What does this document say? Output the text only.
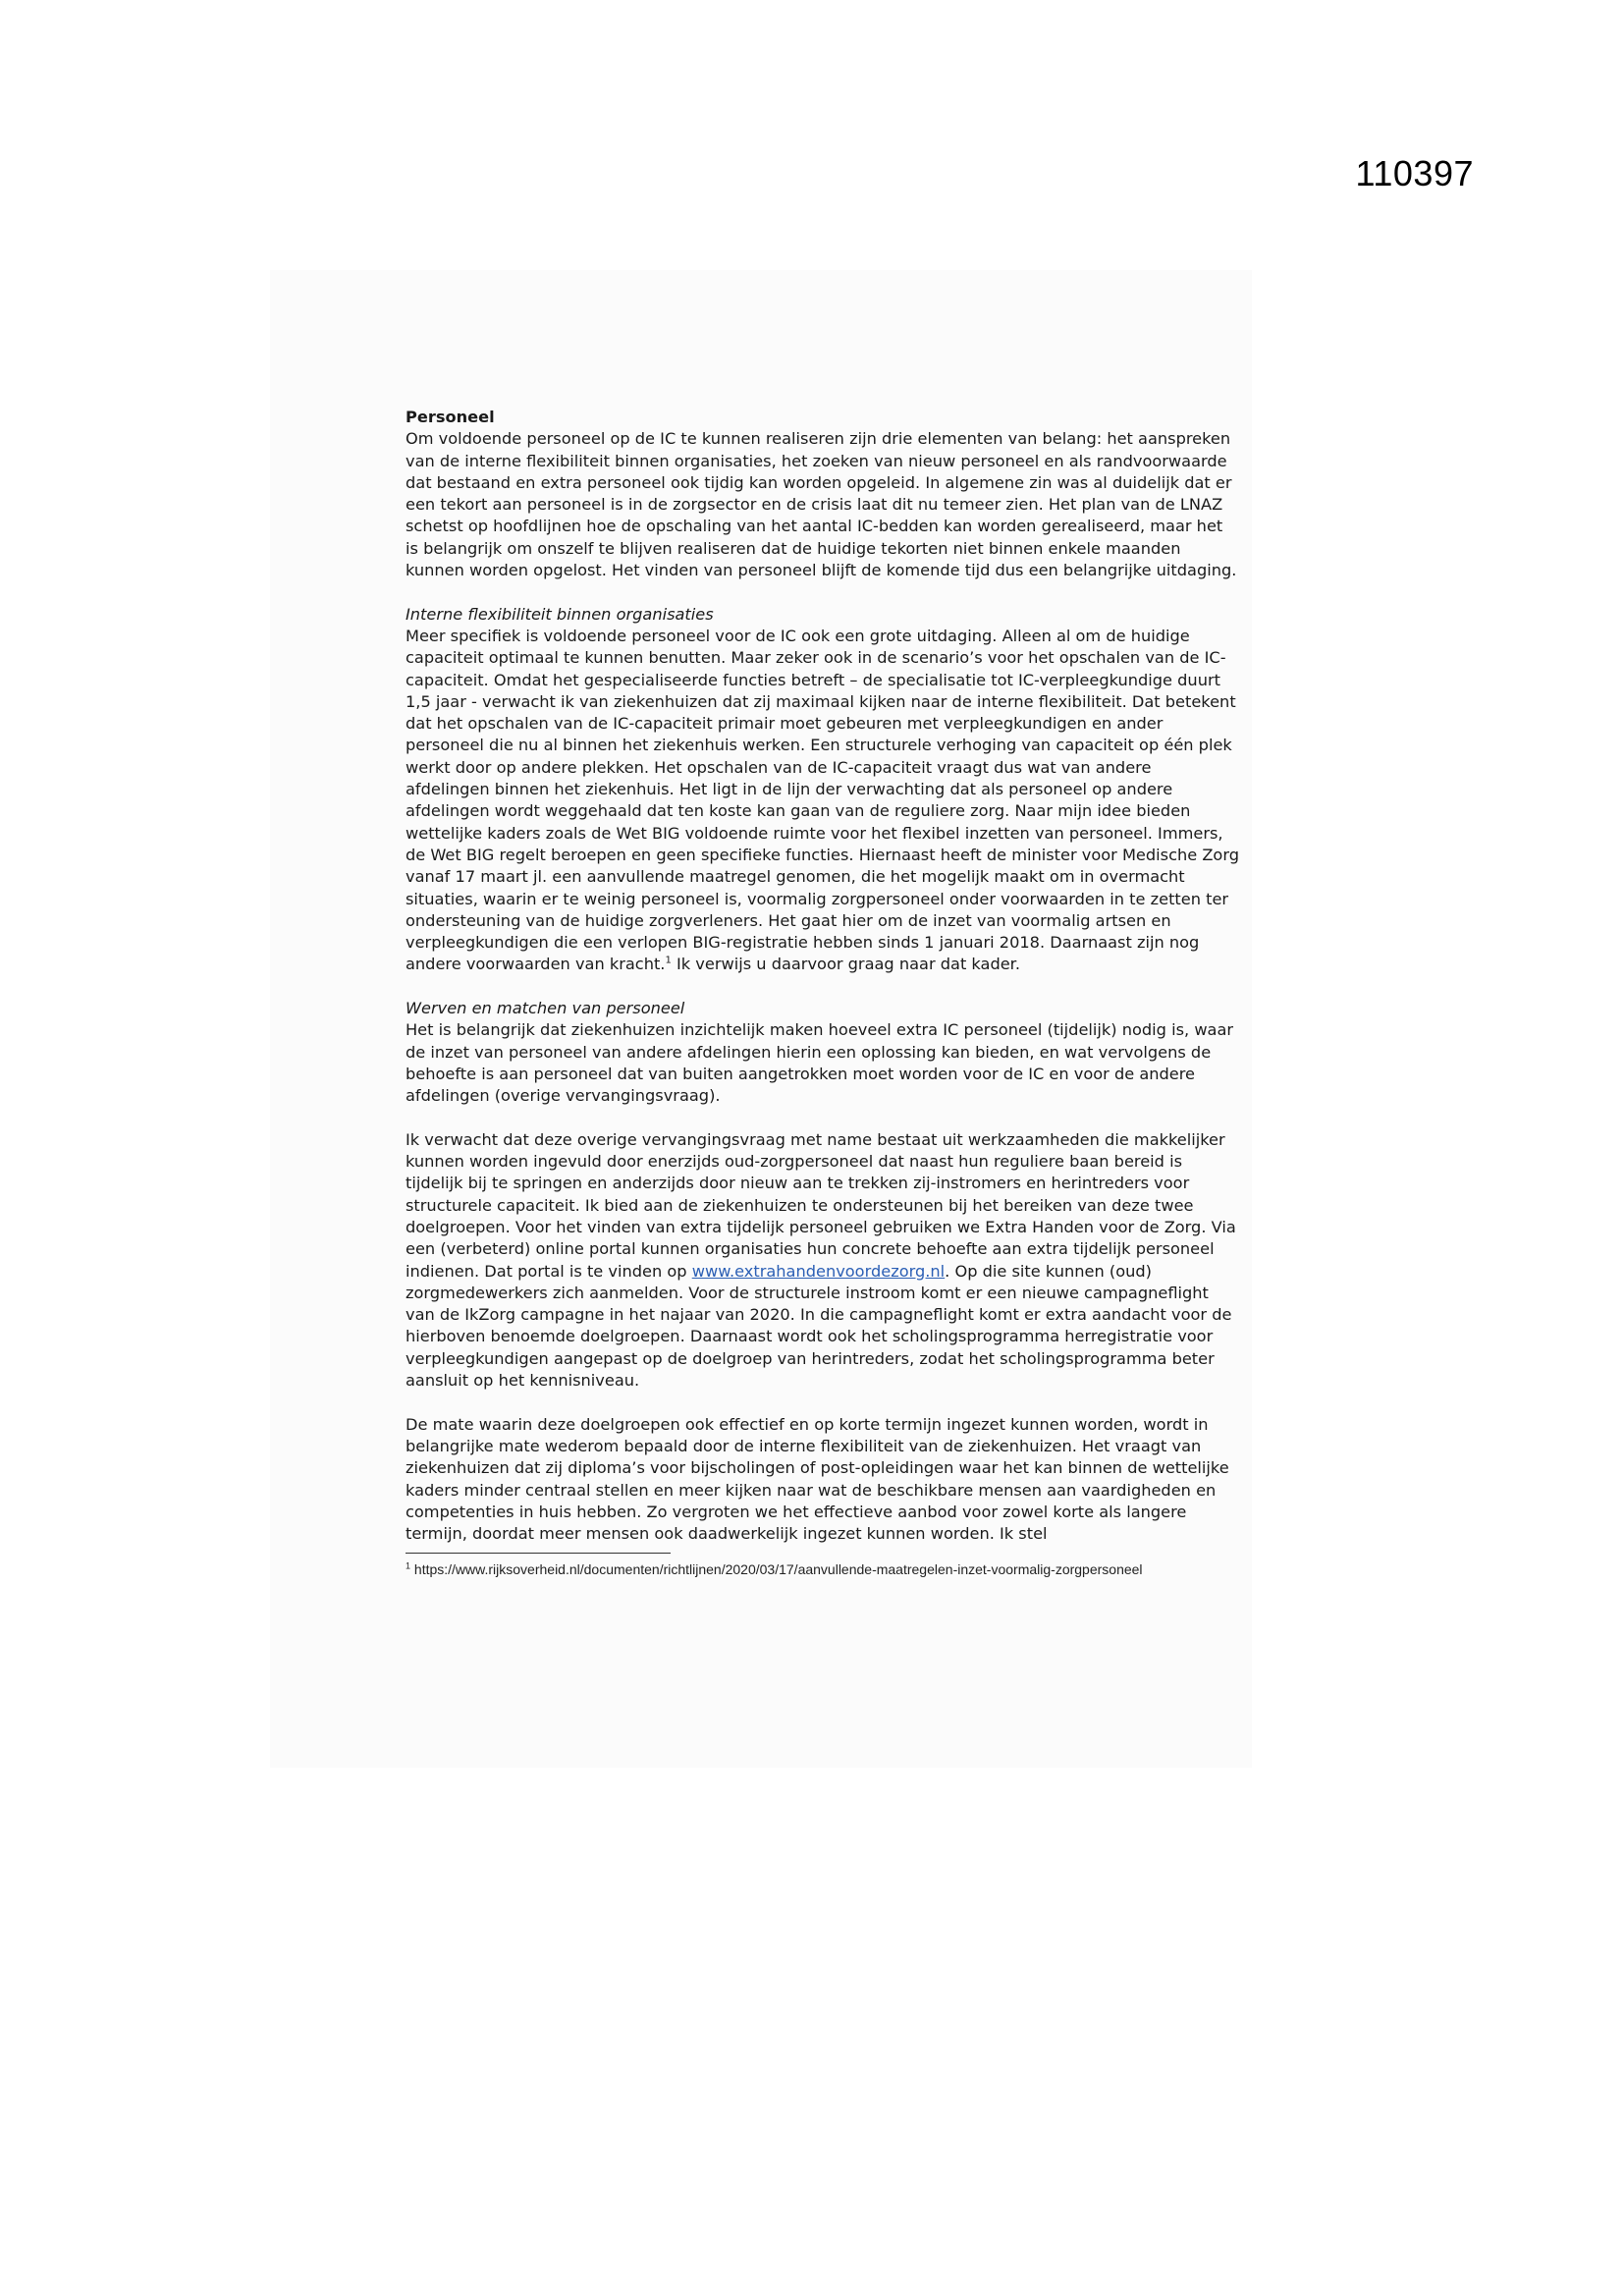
110397

Personeel

Om voldoende personeel op de IC te kunnen realiseren zijn drie elementen van belang: het aanspreken van de interne flexibiliteit binnen organisaties, het zoeken van nieuw personeel en als randvoorwaarde dat bestaand en extra personeel ook tijdig kan worden opgeleid. In algemene zin was al duidelijk dat er een tekort aan personeel is in de zorgsector en de crisis laat dit nu temeer zien. Het plan van de LNAZ schetst op hoofdlijnen hoe de opschaling van het aantal IC-bedden kan worden gerealiseerd, maar het is belangrijk om onszelf te blijven realiseren dat de huidige tekorten niet binnen enkele maanden kunnen worden opgelost. Het vinden van personeel blijft de komende tijd dus een belangrijke uitdaging.

Interne flexibiliteit binnen organisaties

Meer specifiek is voldoende personeel voor de IC ook een grote uitdaging. Alleen al om de huidige capaciteit optimaal te kunnen benutten. Maar zeker ook in de scenario’s voor het opschalen van de IC-capaciteit. Omdat het gespecialiseerde functies betreft – de specialisatie tot IC-verpleegkundige duurt 1,5 jaar - verwacht ik van ziekenhuizen dat zij maximaal kijken naar de interne flexibiliteit. Dat betekent dat het opschalen van de IC-capaciteit primair moet gebeuren met verpleegkundigen en ander personeel die nu al binnen het ziekenhuis werken. Een structurele verhoging van capaciteit op één plek werkt door op andere plekken. Het opschalen van de IC-capaciteit vraagt dus wat van andere afdelingen binnen het ziekenhuis. Het ligt in de lijn der verwachting dat als personeel op andere afdelingen wordt weggehaald dat ten koste kan gaan van de reguliere zorg. Naar mijn idee bieden wettelijke kaders zoals de Wet BIG voldoende ruimte voor het flexibel inzetten van personeel. Immers, de Wet BIG regelt beroepen en geen specifieke functies. Hiernaast heeft de minister voor Medische Zorg vanaf 17 maart jl. een aanvullende maatregel genomen, die het mogelijk maakt om in overmacht situaties, waarin er te weinig personeel is, voormalig zorgpersoneel onder voorwaarden in te zetten ter ondersteuning van de huidige zorgverleners. Het gaat hier om de inzet van voormalig artsen en verpleegkundigen die een verlopen BIG-registratie hebben sinds 1 januari 2018. Daarnaast zijn nog andere voorwaarden van kracht.$^1$ Ik verwijs u daarvoor graag naar dat kader.

Werven en matchen van personeel

Het is belangrijk dat ziekenhuizen inzichtelijk maken hoeveel extra IC personeel (tijdelijk) nodig is, waar de inzet van personeel van andere afdelingen hierin een oplossing kan bieden, en wat vervolgens de behoefte is aan personeel dat van buiten aangetrokken moet worden voor de IC en voor de andere afdelingen (overige vervangingsvraag).

Ik verwacht dat deze overige vervangingsvraag met name bestaat uit werkzaamheden die makkelijker kunnen worden ingevuld door enerzijds oud-zorgpersoneel dat naast hun reguliere baan bereid is tijdelijk bij te springen en anderzijds door nieuw aan te trekken zij-instromers en herintreders voor structurele capaciteit. Ik bied aan de ziekenhuizen te ondersteunen bij het bereiken van deze twee doelgroepen. Voor het vinden van extra tijdelijk personeel gebruiken we Extra Handen voor de Zorg. Via een (verbeterd) online portal kunnen organisaties hun concrete behoefte aan extra tijdelijk personeel indienen. Dat portal is te vinden op www.extrahandenvoordezorg.nl. Op die site kunnen (oud) zorgmedewerkers zich aanmelden. Voor de structurele instroom komt er een nieuwe campagneflight van de IkZorg campagne in het najaar van 2020. In die campagneflight komt er extra aandacht voor de hierboven benoemde doelgroepen. Daarnaast wordt ook het scholingsprogramma herregistratie voor verpleegkundigen aangepast op de doelgroep van herintreders, zodat het scholingsprogramma beter aansluit op het kennisniveau.

De mate waarin deze doelgroepen ook effectief en op korte termijn ingezet kunnen worden, wordt in belangrijke mate wederom bepaald door de interne flexibiliteit van de ziekenhuizen. Het vraagt van ziekenhuizen dat zij diploma’s voor bijscholingen of post-opleidingen waar het kan binnen de wettelijke kaders minder centraal stellen en meer kijken naar wat de beschikbare mensen aan vaardigheden en competenties in huis hebben. Zo vergroten we het effectieve aanbod voor zowel korte als langere termijn, doordat meer mensen ook daadwerkelijk ingezet kunnen worden. Ik stel

$^1$ https://www.rijksoverheid.nl/documenten/richtlijnen/2020/03/17/aanvullende-maatregelen-inzet-voormalig-zorgpersoneel
